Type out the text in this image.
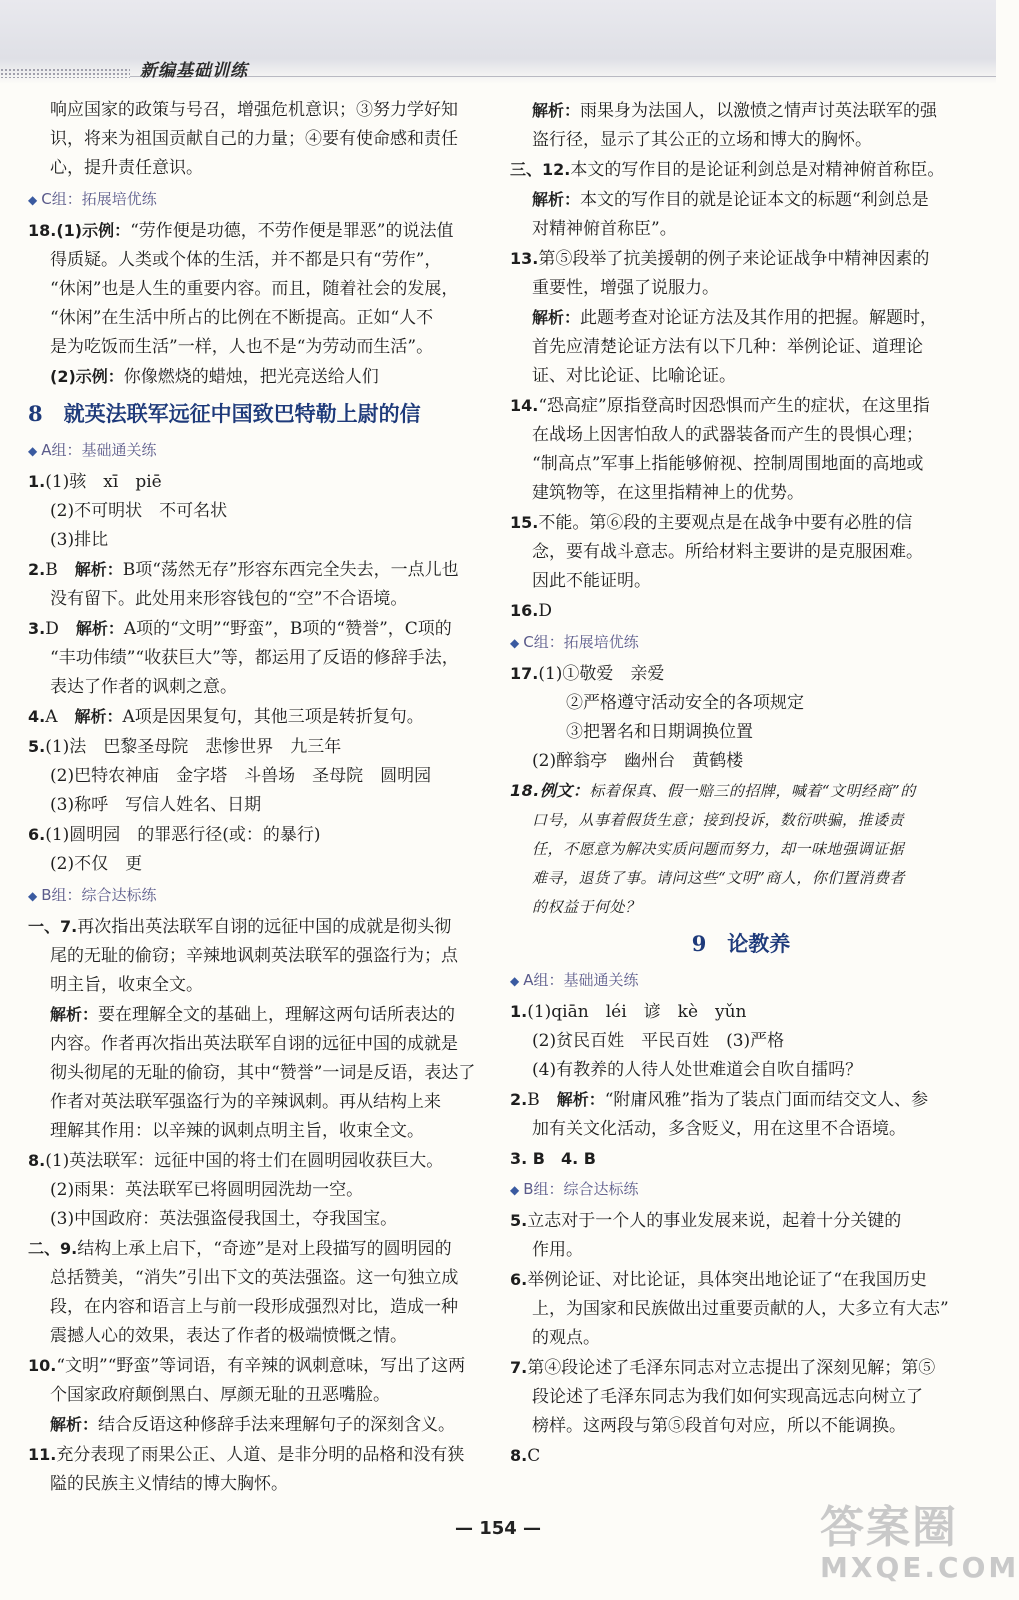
新编基础训练

响应国家的政策与号召，增强危机意识；③努力学好知

识，将来为祖国贡献自己的力量；④要有使命感和责任

心，提升责任意识。

◆ C组：拓展培优练

18.(1)示例：“劳作便是功德，不劳作便是罪恶”的说法值

得质疑。人类或个体的生活，并不都是只有“劳作”，

“休闲”也是人生的重要内容。而且，随着社会的发展，

“休闲”在生活中所占的比例在不断提高。正如“人不

是为吃饭而生活”一样，人也不是“为劳动而生活”。

(2)示例：你像燃烧的蜡烛，把光亮送给人们

8　就英法联军远征中国致巴特勒上尉的信
◆ A组：基础通关练

1.(1)骇　xī　piē

(2)不可明状　不可名状

(3)排比

2.B　解析：B项“荡然无存”形容东西完全失去，一点儿也

没有留下。此处用来形容钱包的“空”不合语境。

3.D　解析：A项的“文明”“野蛮”，B项的“赞誉”，C项的

“丰功伟绩”“收获巨大”等，都运用了反语的修辞手法，

表达了作者的讽刺之意。

4.A　解析：A项是因果复句，其他三项是转折复句。

5.(1)法　巴黎圣母院　悲惨世界　九三年

(2)巴特农神庙　金字塔　斗兽场　圣母院　圆明园

(3)称呼　写信人姓名、日期

6.(1)圆明园　的罪恶行径(或：的暴行)

(2)不仅　更

◆ B组：综合达标练

一、7.再次指出英法联军自诩的远征中国的成就是彻头彻

尾的无耻的偷窃；辛辣地讽刺英法联军的强盗行为；点

明主旨，收束全文。

解析：要在理解全文的基础上，理解这两句话所表达的

内容。作者再次指出英法联军自诩的远征中国的成就是

彻头彻尾的无耻的偷窃，其中“赞誉”一词是反语，表达了

作者对英法联军强盗行为的辛辣讽刺。再从结构上来

理解其作用：以辛辣的讽刺点明主旨，收束全文。

8.(1)英法联军：远征中国的将士们在圆明园收获巨大。

(2)雨果：英法联军已将圆明园洗劫一空。

(3)中国政府：英法强盗侵我国土，夺我国宝。

二、9.结构上承上启下，“奇迹”是对上段描写的圆明园的

总括赞美，“消失”引出下文的英法强盗。这一句独立成

段，在内容和语言上与前一段形成强烈对比，造成一种

震撼人心的效果，表达了作者的极端愤慨之情。

10.“文明”“野蛮”等词语，有辛辣的讽刺意味，写出了这两

个国家政府颠倒黑白、厚颜无耻的丑恶嘴脸。

解析：结合反语这种修辞手法来理解句子的深刻含义。

11.充分表现了雨果公正、人道、是非分明的品格和没有狭

隘的民族主义情结的博大胸怀。

解析：雨果身为法国人，以激愤之情声讨英法联军的强

盗行径，显示了其公正的立场和博大的胸怀。

三、12.本文的写作目的是论证利剑总是对精神俯首称臣。

解析：本文的写作目的就是论证本文的标题“利剑总是

对精神俯首称臣”。

13.第⑤段举了抗美援朝的例子来论证战争中精神因素的

重要性，增强了说服力。

解析：此题考查对论证方法及其作用的把握。解题时，

首先应清楚论证方法有以下几种：举例论证、道理论

证、对比论证、比喻论证。

14.“恐高症”原指登高时因恐惧而产生的症状，在这里指

在战场上因害怕敌人的武器装备而产生的畏惧心理；

“制高点”军事上指能够俯视、控制周围地面的高地或

建筑物等，在这里指精神上的优势。

15.不能。第⑥段的主要观点是在战争中要有必胜的信

念，要有战斗意志。所给材料主要讲的是克服困难。

因此不能证明。

16.D

◆ C组：拓展培优练

17.(1)①敬爱　亲爱

②严格遵守活动安全的各项规定

③把署名和日期调换位置

(2)醉翁亭　幽州台　黄鹤楼

18.例文：标着保真、假一赔三的招牌，喊着“文明经商”的

口号，从事着假货生意；接到投诉，数衍哄骗，推诿责

任，不愿意为解决实质问题而努力，却一味地强调证据

难寻，退货了事。请问这些“文明”商人，你们置消费者

的权益于何处？

9　论教养
◆ A组：基础通关练

1.(1)qiān　léi　谚　kè　yǔn

(2)贫民百姓　平民百姓　(3)严格

(4)有教养的人待人处世难道会自吹自擂吗？

2.B　解析：“附庸风雅”指为了装点门面而结交文人、参

加有关文化活动，多含贬义，用在这里不合语境。

3. B　4. B

◆ B组：综合达标练

5.立志对于一个人的事业发展来说，起着十分关键的

作用。

6.举例论证、对比论证，具体突出地论证了“在我国历史

上，为国家和民族做出过重要贡献的人，大多立有大志”

的观点。

7.第④段论述了毛泽东同志对立志提出了深刻见解；第⑤

段论述了毛泽东同志为我们如何实现高远志向树立了

榜样。这两段与第⑤段首句对应，所以不能调换。

8.C

— 154 —	答案圈
MXQE.COM
